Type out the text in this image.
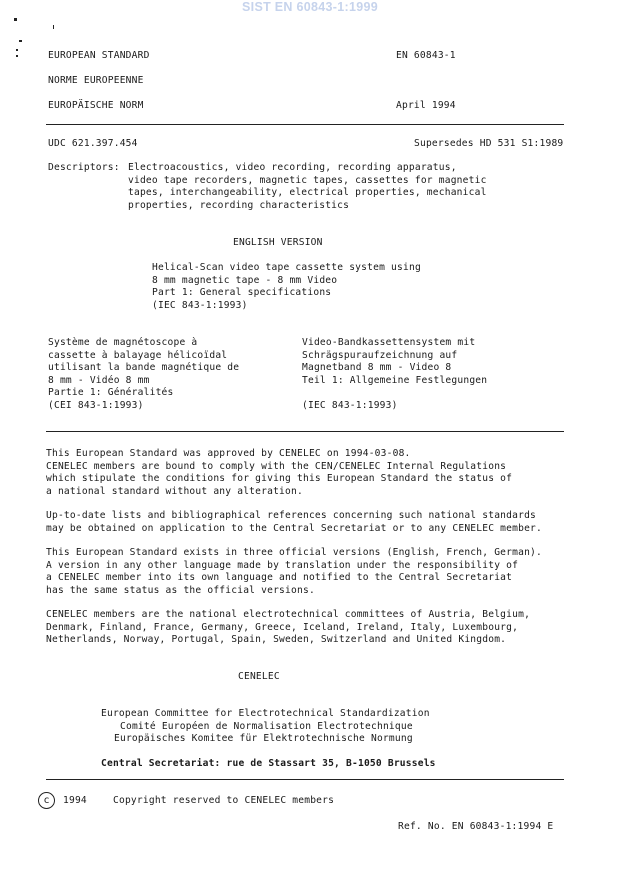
SIST EN 60843-1:1999
EUROPEAN STANDARD	EN 60843-1
NORME EUROPEENNE
EUROPÄISCHE NORM	April 1994
UDC 621.397.454	Supersedes HD 531 S1:1989
Descriptors: Electroacoustics, video recording, recording apparatus,
video tape recorders, magnetic tapes, cassettes for magnetic
tapes, interchangeability, electrical properties, mechanical
properties, recording characteristics
ENGLISH VERSION
Helical-Scan video tape cassette system using
8 mm magnetic tape - 8 mm Video
Part 1: General specifications
(IEC 843-1:1993)
Système de magnétoscope à
cassette à balayage hélicoïdal
utilisant la bande magnétique de
8 mm - Vidéo 8 mm
Partie 1: Généralités
(CEI 843-1:1993)
Video-Bandkassettensystem mit
Schrägspuraufzeichnung auf
Magnetband 8 mm - Video 8
Teil 1: Allgemeine Festlegungen
(IEC 843-1:1993)
This European Standard was approved by CENELEC on 1994-03-08.
CENELEC members are bound to comply with the CEN/CENELEC Internal Regulations
which stipulate the conditions for giving this European Standard the status of
a national standard without any alteration.
Up-to-date lists and bibliographical references concerning such national standards
may be obtained on application to the Central Secretariat or to any CENELEC member.
This European Standard exists in three official versions (English, French, German).
A version in any other language made by translation under the responsibility of
a CENELEC member into its own language and notified to the Central Secretariat
has the same status as the official versions.
CENELEC members are the national electrotechnical committees of Austria, Belgium,
Denmark, Finland, France, Germany, Greece, Iceland, Ireland, Italy, Luxembourg,
Netherlands, Norway, Portugal, Spain, Sweden, Switzerland and United Kingdom.
CENELEC
European Committee for Electrotechnical Standardization
Comité Européen de Normalisation Electrotechnique
Europäisches Komitee für Elektrotechnische Normung
Central Secretariat: rue de Stassart 35, B-1050 Brussels
c	1994	Copyright reserved to CENELEC members
Ref. No. EN 60843-1:1994 E
